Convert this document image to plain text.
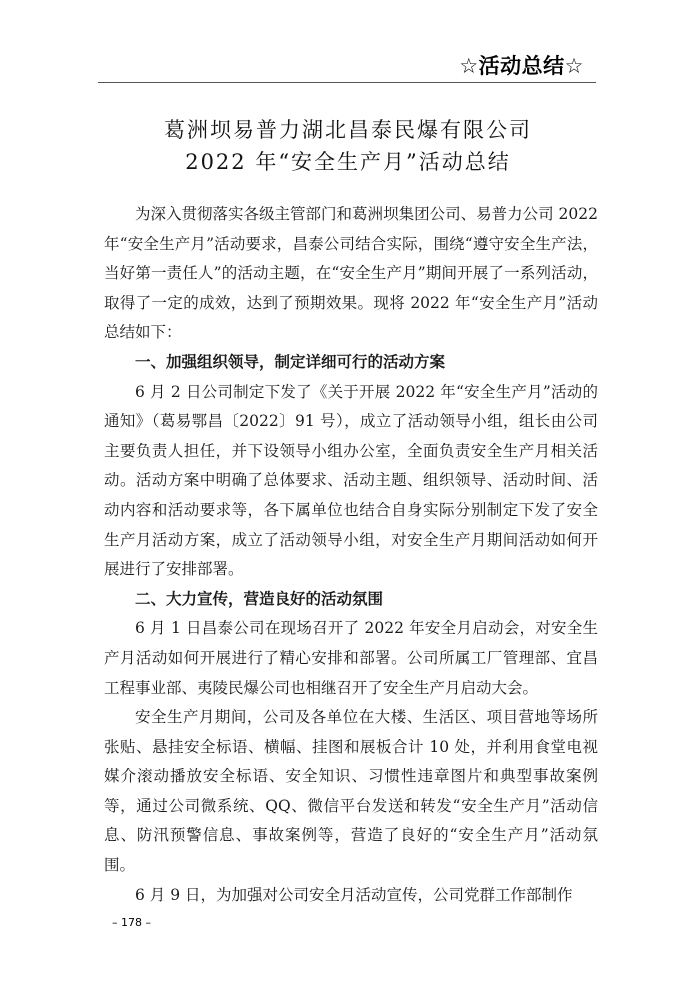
☆活动总结☆
葛洲坝易普力湖北昌泰民爆有限公司
2022 年“安全生产月”活动总结

为深入贯彻落实各级主管部门和葛洲坝集团公司、易普力公司 2022 年“安全生产月”活动要求，昌泰公司结合实际，围绕“遵守安全生产法，当好第一责任人”的活动主题，在“安全生产月”期间开展了一系列活动，取得了一定的成效，达到了预期效果。现将 2022 年“安全生产月”活动总结如下：

一、加强组织领导，制定详细可行的活动方案

6 月 2 日公司制定下发了《关于开展 2022 年“安全生产月”活动的通知》（葛易鄂昌〔2022〕91 号），成立了活动领导小组，组长由公司主要负责人担任，并下设领导小组办公室，全面负责安全生产月相关活动。活动方案中明确了总体要求、活动主题、组织领导、活动时间、活动内容和活动要求等，各下属单位也结合自身实际分别制定下发了安全生产月活动方案，成立了活动领导小组，对安全生产月期间活动如何开展进行了安排部署。

二、大力宣传，营造良好的活动氛围

6 月 1 日昌泰公司在现场召开了 2022 年安全月启动会，对安全生产月活动如何开展进行了精心安排和部署。公司所属工厂管理部、宜昌工程事业部、夷陵民爆公司也相继召开了安全生产月启动大会。

安全生产月期间，公司及各单位在大楼、生活区、项目营地等场所张贴、悬挂安全标语、横幅、挂图和展板合计 10 处，并利用食堂电视媒介滚动播放安全标语、安全知识、习惯性违章图片和典型事故案例等，通过公司微系统、QQ、微信平台发送和转发“安全生产月”活动信息、防汛预警信息、事故案例等，营造了良好的“安全生产月”活动氛围。

6 月 9 日，为加强对公司安全月活动宣传，公司党群工作部制作

– 178 –
